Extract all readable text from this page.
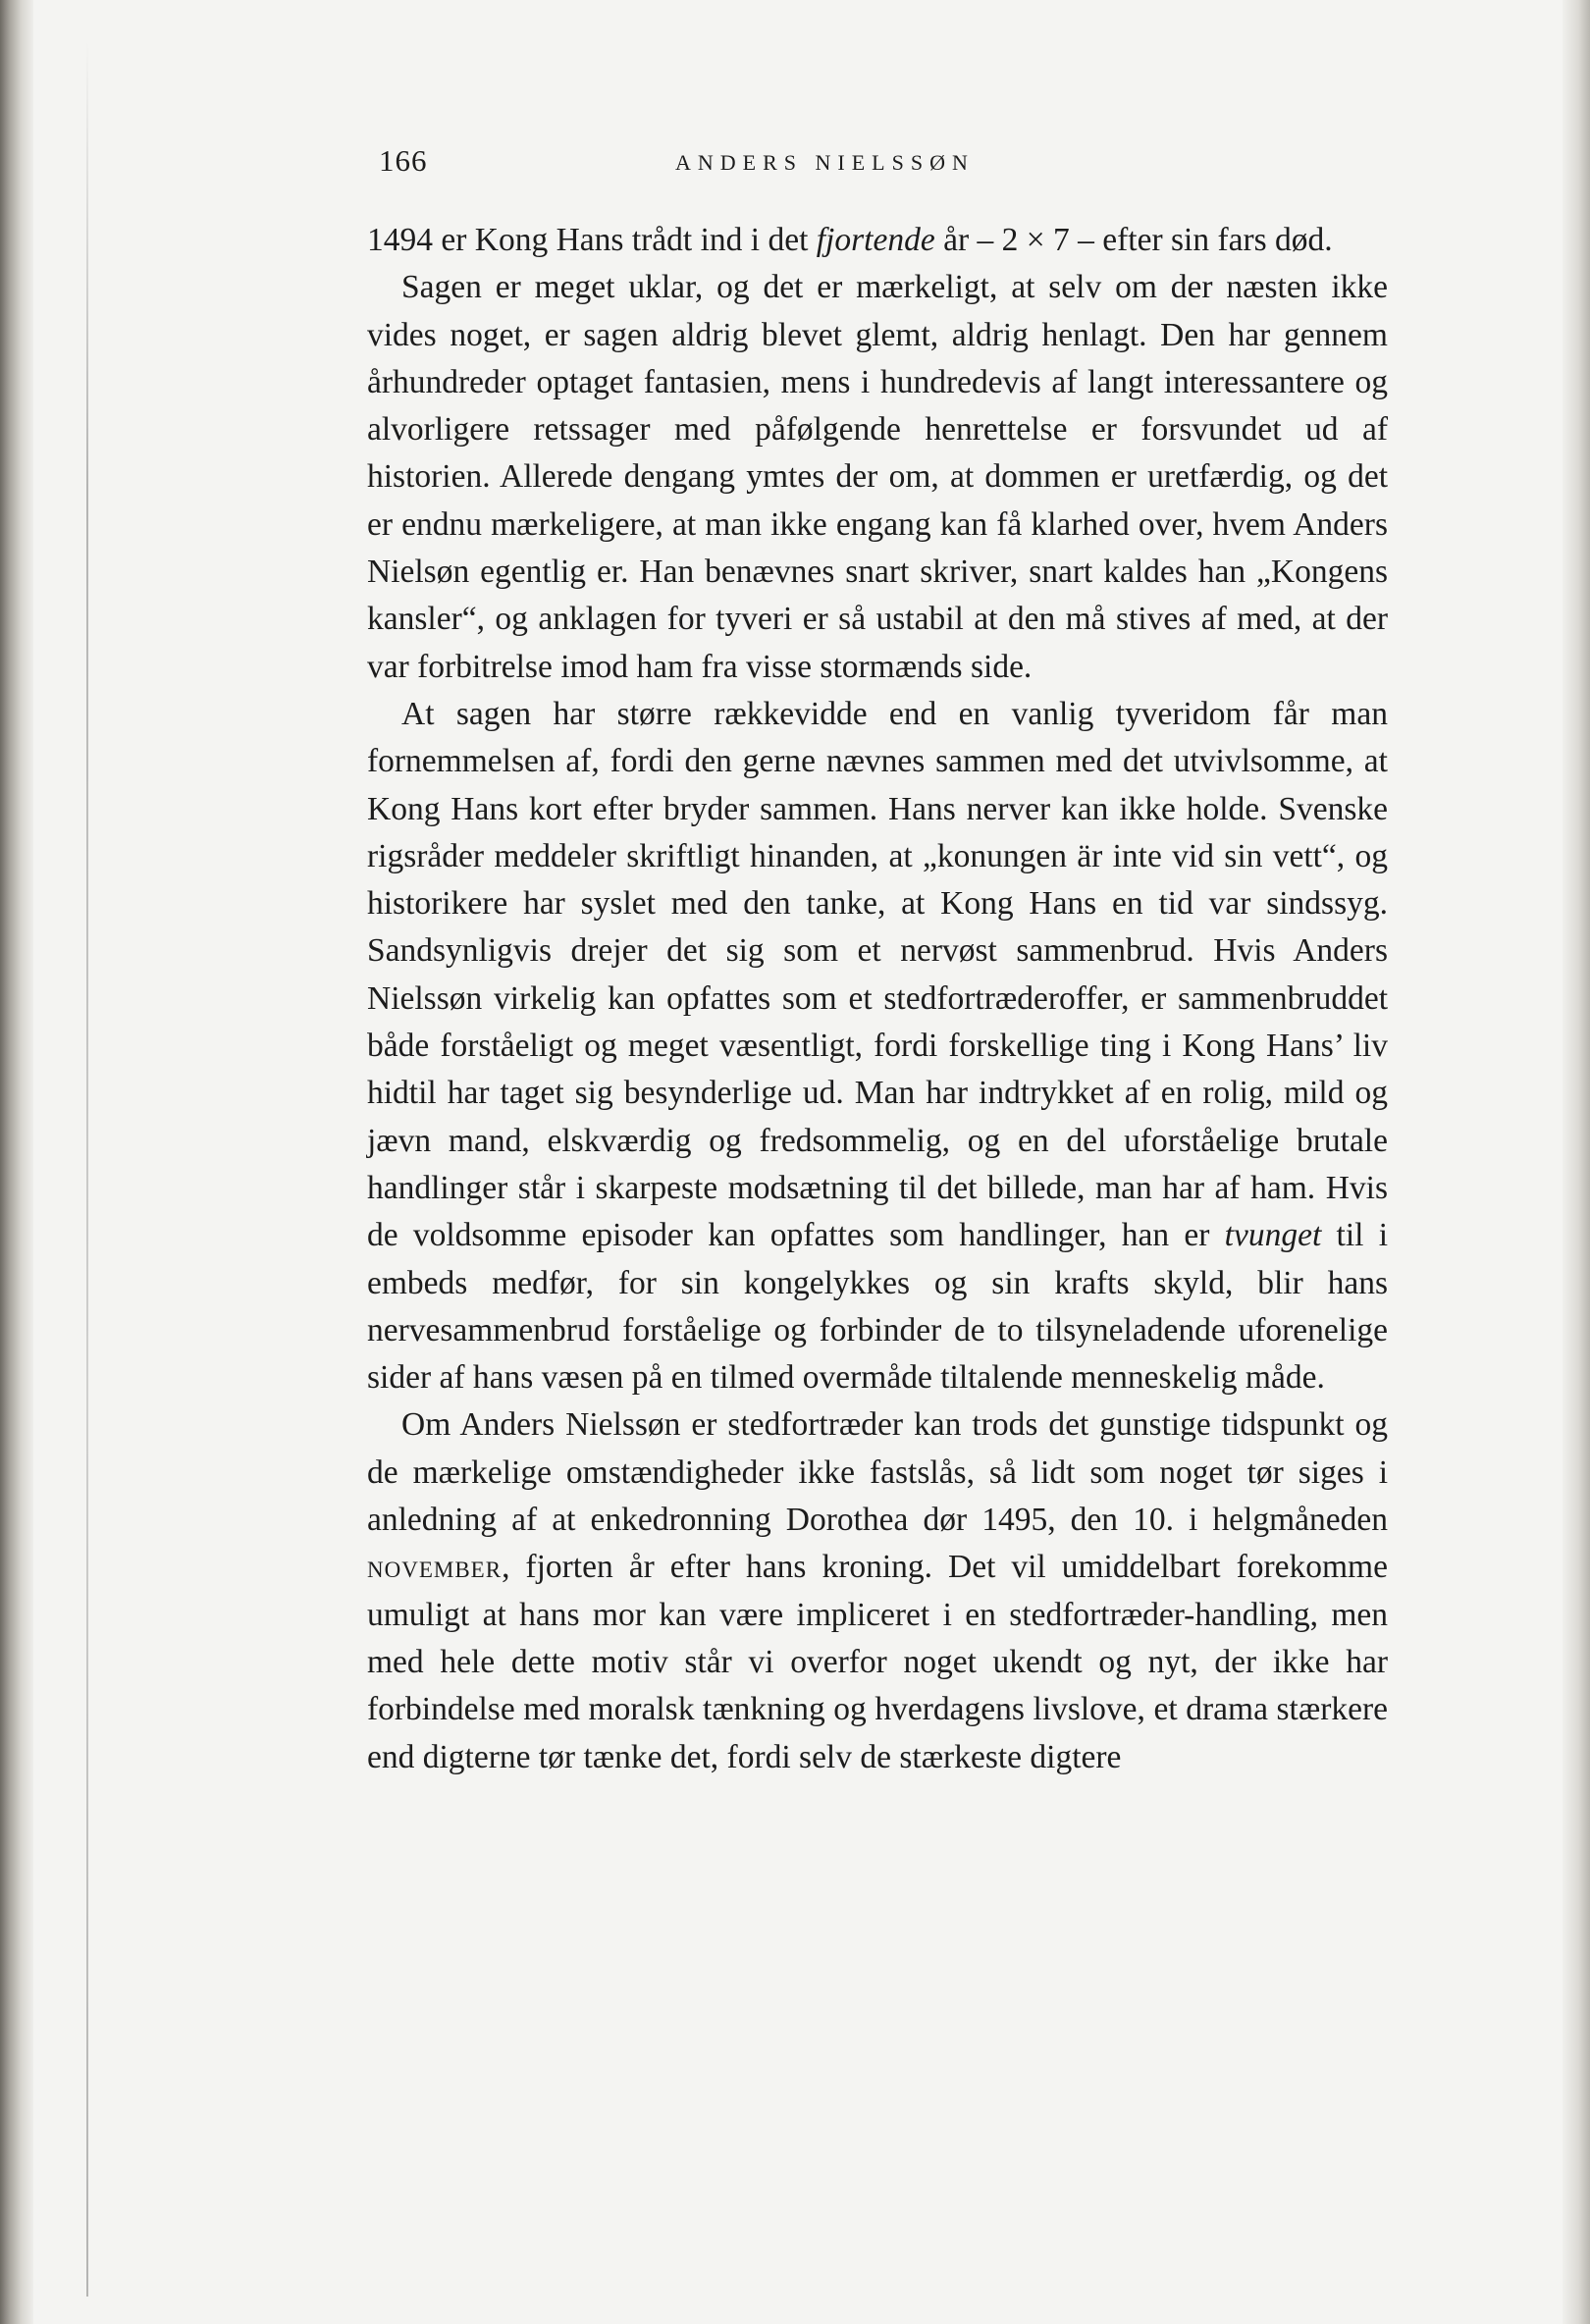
166	ANDERS NIELSSØN

1494 er Kong Hans trådt ind i det fjortende år – 2 × 7 – efter sin fars død.

Sagen er meget uklar, og det er mærkeligt, at selv om der næsten ikke vides noget, er sagen aldrig blevet glemt, aldrig henlagt. Den har gennem århundreder optaget fantasien, mens i hundredevis af langt interessantere og alvorligere retssager med påfølgende henrettelse er forsvundet ud af historien. Allerede dengang ymtes der om, at dommen er uretfærdig, og det er endnu mærkeligere, at man ikke engang kan få klarhed over, hvem Anders Nielsøn egentlig er. Han benævnes snart skriver, snart kaldes han „Kongens kansler“, og anklagen for tyveri er så ustabil at den må stives af med, at der var forbitrelse imod ham fra visse stormænds side.

At sagen har større rækkevidde end en vanlig tyveridom får man fornemmelsen af, fordi den gerne nævnes sammen med det utvivlsomme, at Kong Hans kort efter bryder sammen. Hans nerver kan ikke holde. Svenske rigsråder meddeler skriftligt hinanden, at „konungen är inte vid sin vett“, og historikere har syslet med den tanke, at Kong Hans en tid var sindssyg. Sandsynligvis drejer det sig som et nervøst sammenbrud. Hvis Anders Nielssøn virkelig kan opfattes som et stedfortræderoffer, er sammenbruddet både forståeligt og meget væsentligt, fordi forskellige ting i Kong Hans’ liv hidtil har taget sig besynderlige ud. Man har indtrykket af en rolig, mild og jævn mand, elskværdig og fredsommelig, og en del uforståelige brutale handlinger står i skarpeste modsætning til det billede, man har af ham. Hvis de voldsomme episoder kan opfattes som handlinger, han er tvunget til i embeds medfør, for sin kongelykkes og sin krafts skyld, blir hans nervesammenbrud forståelige og forbinder de to tilsyneladende uforenelige sider af hans væsen på en tilmed overmåde tiltalende menneskelig måde.

Om Anders Nielssøn er stedfortræder kan trods det gunstige tidspunkt og de mærkelige omstændigheder ikke fastslås, så lidt som noget tør siges i anledning af at enkedronning Dorothea dør 1495, den 10. i helgmåneden november, fjorten år efter hans kroning. Det vil umiddelbart forekomme umuligt at hans mor kan være impliceret i en stedfortræder-handling, men med hele dette motiv står vi overfor noget ukendt og nyt, der ikke har forbindelse med moralsk tænkning og hverdagens livslove, et drama stærkere end digterne tør tænke det, fordi selv de stærkeste digtere
